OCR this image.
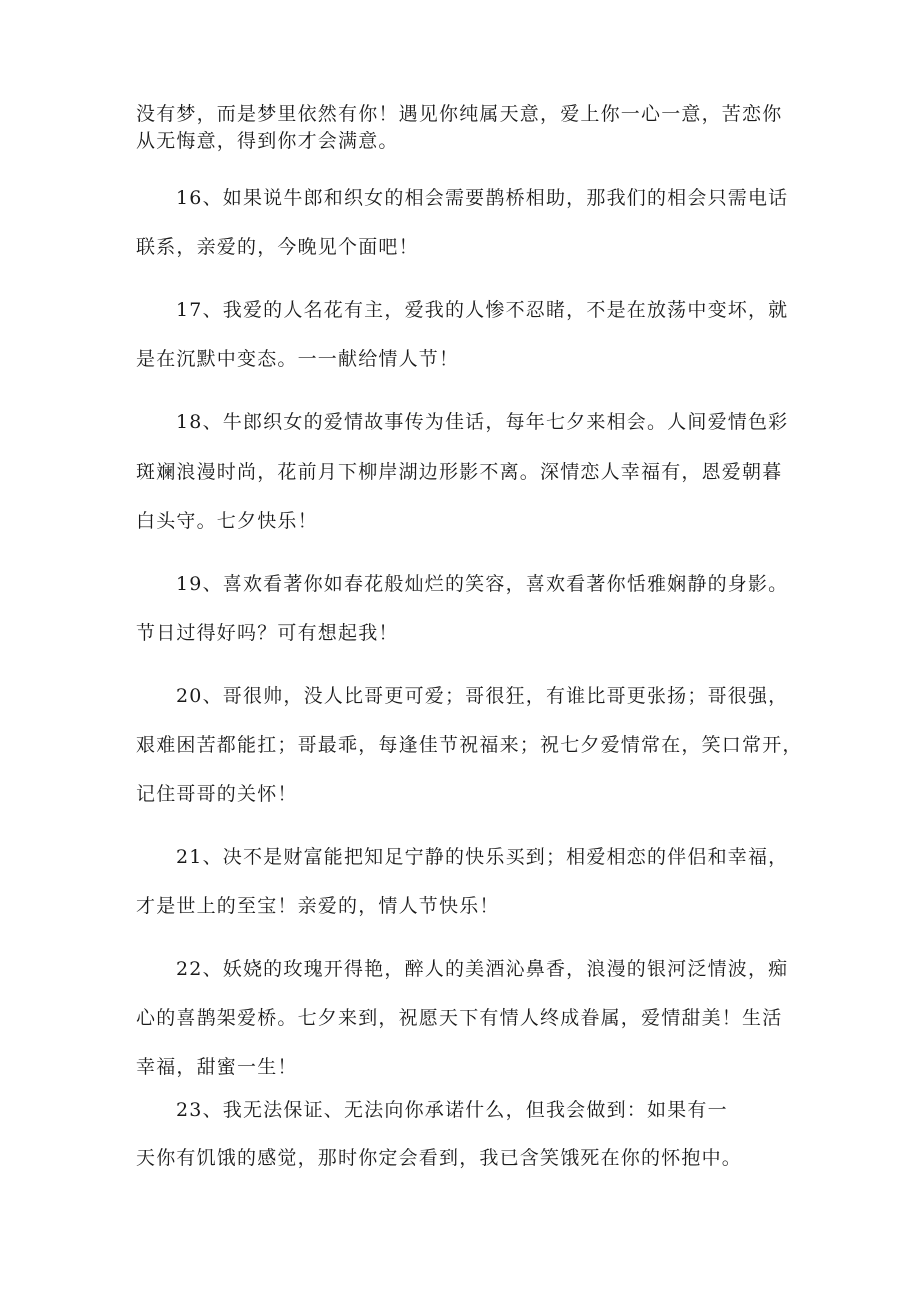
没有梦，而是梦里依然有你！遇见你纯属天意，爱上你一心一意，苦恋你
从无悔意，得到你才会满意。
16、如果说牛郎和织女的相会需要鹊桥相助，那我们的相会只需电话
联系，亲爱的，今晚见个面吧！
17、我爱的人名花有主，爱我的人惨不忍睹，不是在放荡中变坏，就
是在沉默中变态。一一献给情人节！
18、牛郎织女的爱情故事传为佳话，每年七夕来相会。人间爱情色彩
斑斓浪漫时尚，花前月下柳岸湖边形影不离。深情恋人幸福有，恩爱朝暮
白头守。七夕快乐！
19、喜欢看著你如春花般灿烂的笑容，喜欢看著你恬雅娴静的身影。
节日过得好吗？可有想起我！
20、哥很帅，没人比哥更可爱；哥很狂，有谁比哥更张扬；哥很强，
艰难困苦都能扛；哥最乖，每逢佳节祝福来；祝七夕爱情常在，笑口常开，
记住哥哥的关怀！
21、决不是财富能把知足宁静的快乐买到；相爱相恋的伴侣和幸福，
才是世上的至宝！亲爱的，情人节快乐！
22、妖娆的玫瑰开得艳，醉人的美酒沁鼻香，浪漫的银河泛情波，痴
心的喜鹊架爱桥。七夕来到，祝愿天下有情人终成眷属，爱情甜美！生活
幸福，甜蜜一生！
23、我无法保证、无法向你承诺什么，但我会做到：如果有一
天你有饥饿的感觉，那时你定会看到，我已含笑饿死在你的怀抱中。
